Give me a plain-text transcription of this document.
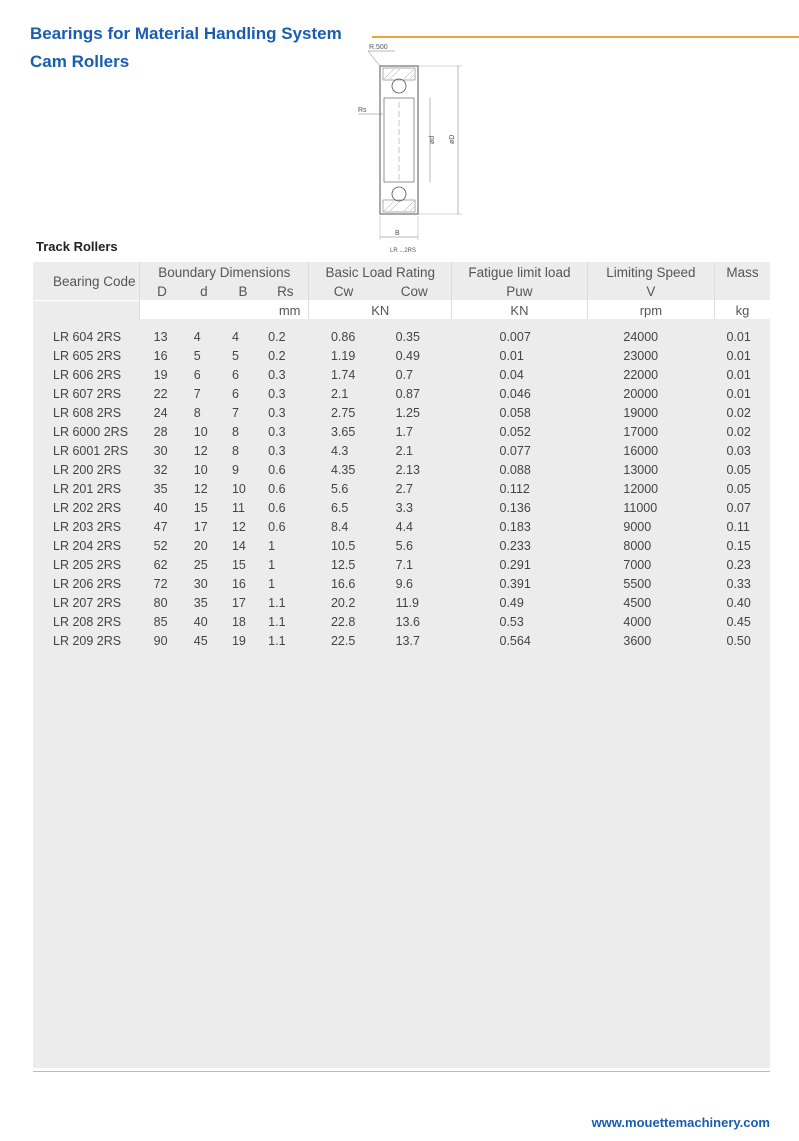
Bearings for Material Handling System
Cam Rollers
R.500
Rs
ød øD
B
LR ...2RS
Track Rollers
Bearing Code	Boundary Dimensions				Basic Load Rating		Fatigue limit load	Limiting Speed	Mass
	D	d	B	Rs	Cw	Cow	Puw	V	
	mm				KN		KN	rpm	kg
LR 604 2RS	13	4	4	0.2	0.86	0.35	0.007	24000	0.01
LR 605 2RS	16	5	5	0.2	1.19	0.49	0.01	23000	0.01
LR 606 2RS	19	6	6	0.3	1.74	0.7	0.04	22000	0.01
LR 607 2RS	22	7	6	0.3	2.1	0.87	0.046	20000	0.01
LR 608 2RS	24	8	7	0.3	2.75	1.25	0.058	19000	0.02
LR 6000 2RS	28	10	8	0.3	3.65	1.7	0.052	17000	0.02
LR 6001 2RS	30	12	8	0.3	4.3	2.1	0.077	16000	0.03
LR 200 2RS	32	10	9	0.6	4.35	2.13	0.088	13000	0.05
LR 201 2RS	35	12	10	0.6	5.6	2.7	0.112	12000	0.05
LR 202 2RS	40	15	11	0.6	6.5	3.3	0.136	11000	0.07
LR 203 2RS	47	17	12	0.6	8.4	4.4	0.183	9000	0.11
LR 204 2RS	52	20	14	1	10.5	5.6	0.233	8000	0.15
LR 205 2RS	62	25	15	1	12.5	7.1	0.291	7000	0.23
LR 206 2RS	72	30	16	1	16.6	9.6	0.391	5500	0.33
LR 207 2RS	80	35	17	1.1	20.2	11.9	0.49	4500	0.40
LR 208 2RS	85	40	18	1.1	22.8	13.6	0.53	4000	0.45
LR 209 2RS	90	45	19	1.1	22.5	13.7	0.564	3600	0.50
www.mouettemachinery.com
